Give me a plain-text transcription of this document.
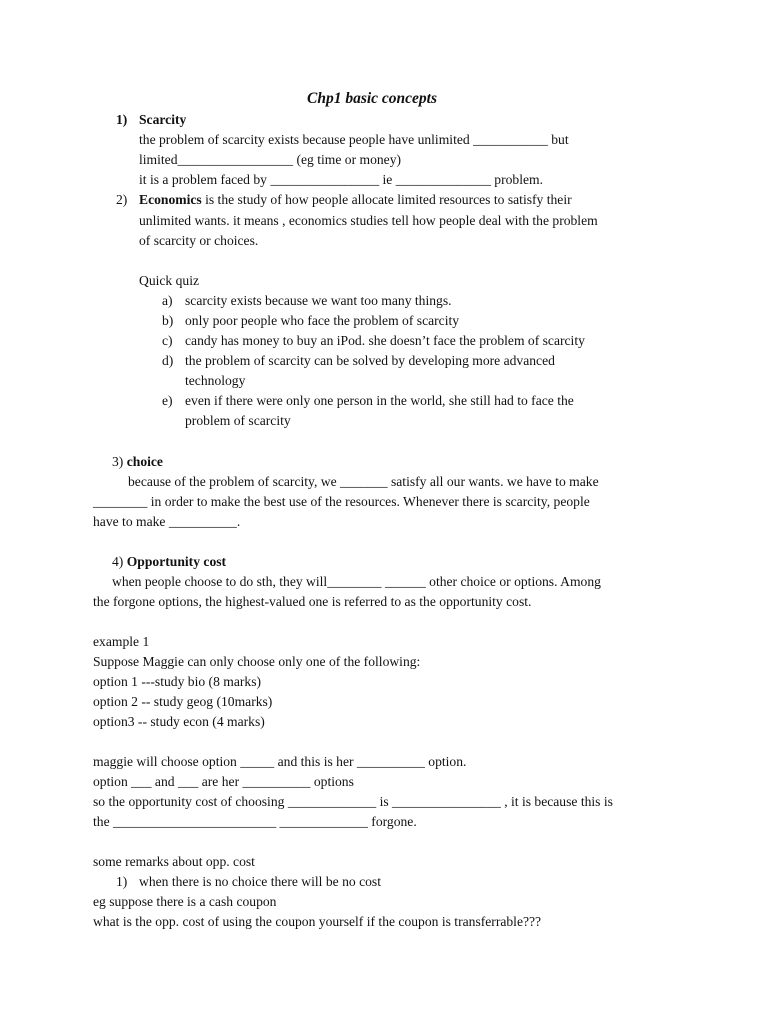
Chp1 basic concepts
1) Scarcity
the problem of scarcity exists because people have unlimited ___________ but
limited_________________ (eg time or money)
it is a problem faced by ________________ ie ______________ problem.
2) Economics is the study of how people allocate limited resources to satisfy their
unlimited wants. it means , economics studies tell how people deal with the problem
of scarcity or choices.
Quick quiz
a) scarcity exists because we want too many things.
b) only poor people who face the problem of scarcity
c) candy has money to buy an iPod. she doesn’t face the problem of scarcity
d) the problem of scarcity can be solved by developing more advanced
technology
e) even if there were only one person in the world, she still had to face the
problem of scarcity
3) choice
because of the problem of scarcity, we _______ satisfy all our wants. we have to make
________ in order to make the best use of the resources. Whenever there is scarcity, people
have to make __________.
4) Opportunity cost
when people choose to do sth, they will________ ______ other choice or options. Among
the forgone options, the highest-valued one is referred to as the opportunity cost.
example 1
Suppose Maggie can only choose only one of the following:
option 1 ---study bio (8 marks)
option 2 -- study geog (10marks)
option3 -- study econ (4 marks)
maggie will choose option _____ and this is her __________ option.
option ___ and ___ are her __________ options
so the opportunity cost of choosing _____________ is ________________ , it is because this is
the ________________________ _____________ forgone.
some remarks about opp. cost
1) when there is no choice there will be no cost
eg suppose there is a cash coupon
what is the opp. cost of using the coupon yourself if the coupon is transferrable???
